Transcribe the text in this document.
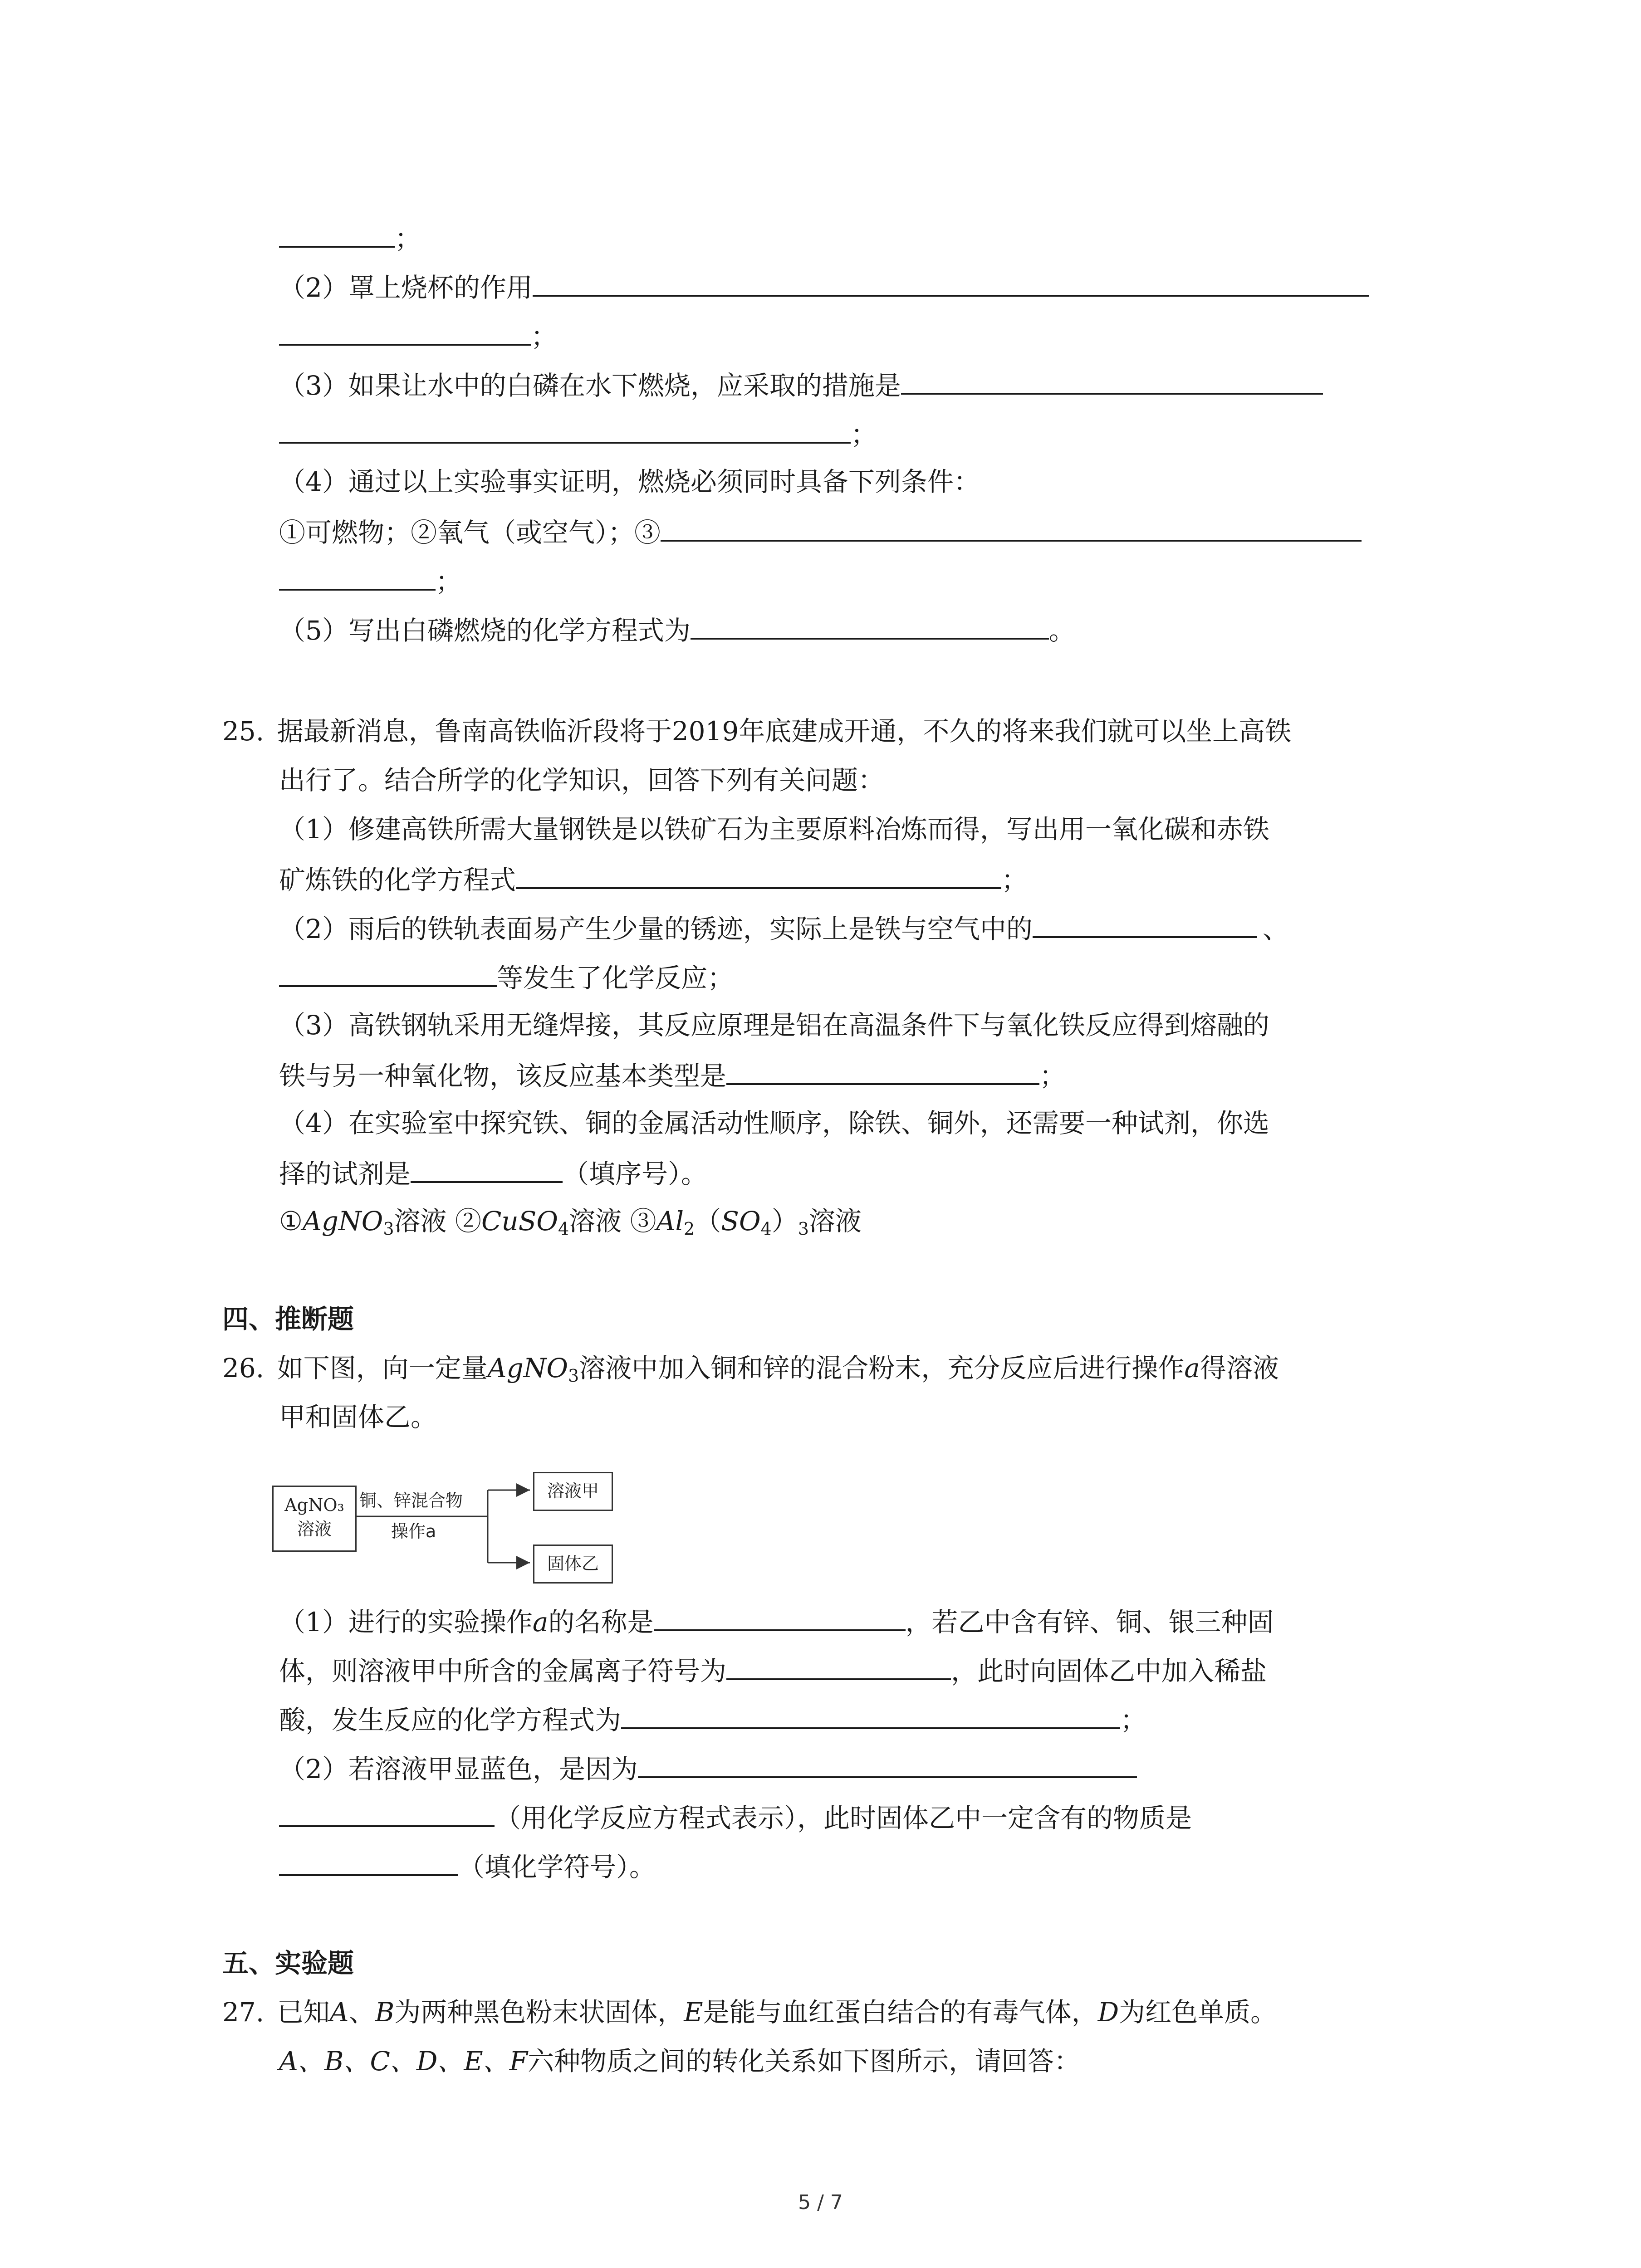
；
（2）罩上烧杯的作用
；
（3）如果让水中的白磷在水下燃烧，应采取的措施是
；
（4）通过以上实验事实证明，燃烧必须同时具备下列条件：
①可燃物；②氧气（或空气）；③
；
（5）写出白磷燃烧的化学方程式为	。
25. 据最新消息，鲁南高铁临沂段将于2019年底建成开通，不久的将来我们就可以坐上高铁
出行了。结合所学的化学知识，回答下列有关问题：
（1）修建高铁所需大量钢铁是以铁矿石为主要原料冶炼而得，写出用一氧化碳和赤铁
矿炼铁的化学方程式	；
（2）雨后的铁轨表面易产生少量的锈迹，实际上是铁与空气中的	、
等发生了化学反应；
（3）高铁钢轨采用无缝焊接，其反应原理是铝在高温条件下与氧化铁反应得到熔融的
铁与另一种氧化物，该反应基本类型是	；
（4）在实验室中探究铁、铜的金属活动性顺序，除铁、铜外，还需要一种试剂，你选
择的试剂是	（填序号）。
①AgNO$_3$溶液 ②CuSO$_4$溶液 $③Al_2(SO_4)_3$溶液
四、推断题
26. 如下图，向一定量AgNO$_3$溶液中加入铜和锌的混合粉末，充分反应后进行操作a得溶液
甲和固体乙。
AgNO₃
溶液
铜、锌混合物
操作a
溶液甲
固体乙
（1）进行的实验操作a的名称是	，若乙中含有锌、铜、银三种固
体，则溶液甲中所含的金属离子符号为	，此时向固体乙中加入稀盐
酸，发生反应的化学方程式为	；
（2）若溶液甲显蓝色，是因为
（用化学反应方程式表示），此时固体乙中一定含有的物质是
（填化学符号）。
五、实验题
27. 已知A、B为两种黑色粉末状固体，E是能与血红蛋白结合的有毒气体，D为红色单质。
A、B、C、D、E、F六种物质之间的转化关系如下图所示，请回答：
5 / 7
